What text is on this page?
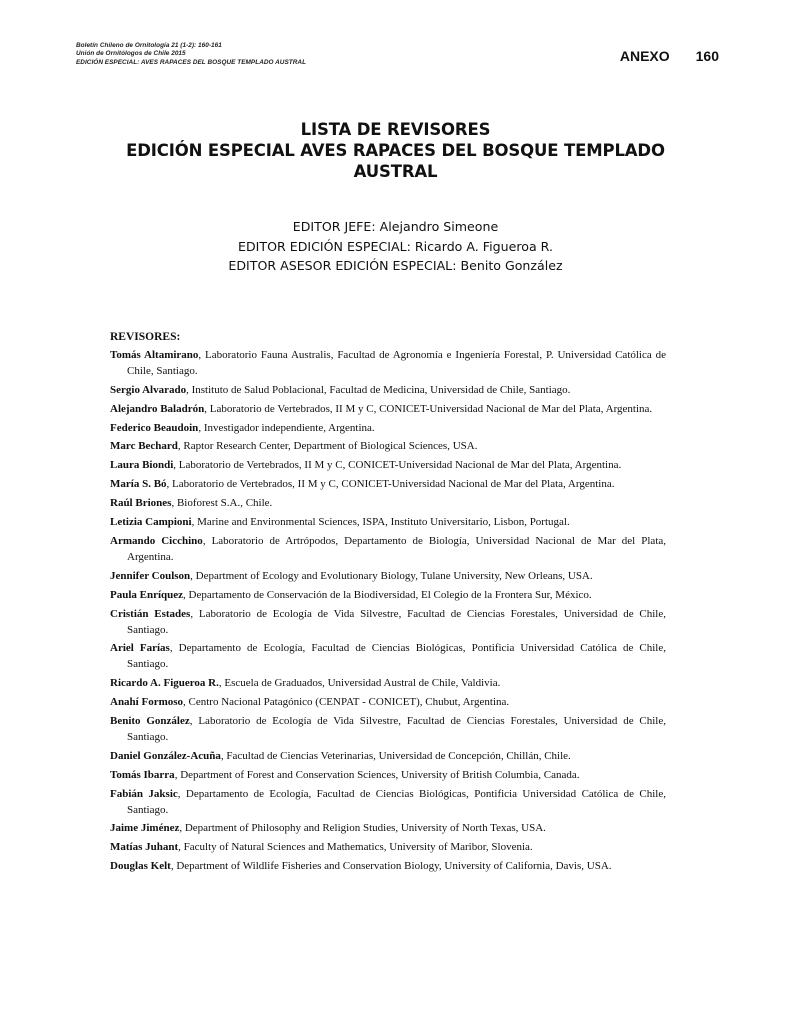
Boletín Chileno de Ornitología 21 (1-2): 160-161
Unión de Ornitólogos de Chile 2015
EDICIÓN ESPECIAL: AVES RAPACES DEL BOSQUE TEMPLADO AUSTRAL	ANEXO 160
LISTA DE REVISORES
EDICIÓN ESPECIAL AVES RAPACES DEL BOSQUE TEMPLADO
AUSTRAL
EDITOR JEFE: Alejandro Simeone
EDITOR EDICIÓN ESPECIAL: Ricardo A. Figueroa R.
EDITOR ASESOR EDICIÓN ESPECIAL: Benito González
REVISORES:
Tomás Altamirano, Laboratorio Fauna Australis, Facultad de Agronomía e Ingeniería Forestal, P. Universidad Católica de Chile, Santiago.
Sergio Alvarado, Instituto de Salud Poblacional, Facultad de Medicina, Universidad de Chile, Santiago.
Alejandro Baladrón, Laboratorio de Vertebrados, II M y C, CONICET-Universidad Nacional de Mar del Plata, Argentina.
Federico Beaudoin, Investigador independiente, Argentina.
Marc Bechard, Raptor Research Center, Department of Biological Sciences, USA.
Laura Biondi, Laboratorio de Vertebrados, II M y C, CONICET-Universidad Nacional de Mar del Plata, Argentina.
María S. Bó, Laboratorio de Vertebrados, II M y C, CONICET-Universidad Nacional de Mar del Plata, Argentina.
Raúl Briones, Bioforest S.A., Chile.
Letizia Campioni, Marine and Environmental Sciences, ISPA, Instituto Universitario, Lisbon, Portugal.
Armando Cicchino, Laboratorio de Artrópodos, Departamento de Biología, Universidad Nacional de Mar del Plata, Argentina.
Jennifer Coulson, Department of Ecology and Evolutionary Biology, Tulane University, New Orleans, USA.
Paula Enríquez, Departamento de Conservación de la Biodiversidad, El Colegio de la Frontera Sur, México.
Cristián Estades, Laboratorio de Ecología de Vida Silvestre, Facultad de Ciencias Forestales, Universidad de Chile, Santiago.
Ariel Farías, Departamento de Ecología, Facultad de Ciencias Biológicas, Pontificia Universidad Católica de Chile, Santiago.
Ricardo A. Figueroa R., Escuela de Graduados, Universidad Austral de Chile, Valdivia.
Anahí Formoso, Centro Nacional Patagónico (CENPAT - CONICET), Chubut, Argentina.
Benito González, Laboratorio de Ecología de Vida Silvestre, Facultad de Ciencias Forestales, Universidad de Chile, Santiago.
Daniel González-Acuña, Facultad de Ciencias Veterinarias, Universidad de Concepción, Chillán, Chile.
Tomás Ibarra, Department of Forest and Conservation Sciences, University of British Columbia, Canada.
Fabián Jaksic, Departamento de Ecología, Facultad de Ciencias Biológicas, Pontificia Universidad Católica de Chile, Santiago.
Jaime Jiménez, Department of Philosophy and Religion Studies, University of North Texas, USA.
Matías Juhant, Faculty of Natural Sciences and Mathematics, University of Maribor, Slovenia.
Douglas Kelt, Department of Wildlife Fisheries and Conservation Biology, University of California, Davis, USA.
